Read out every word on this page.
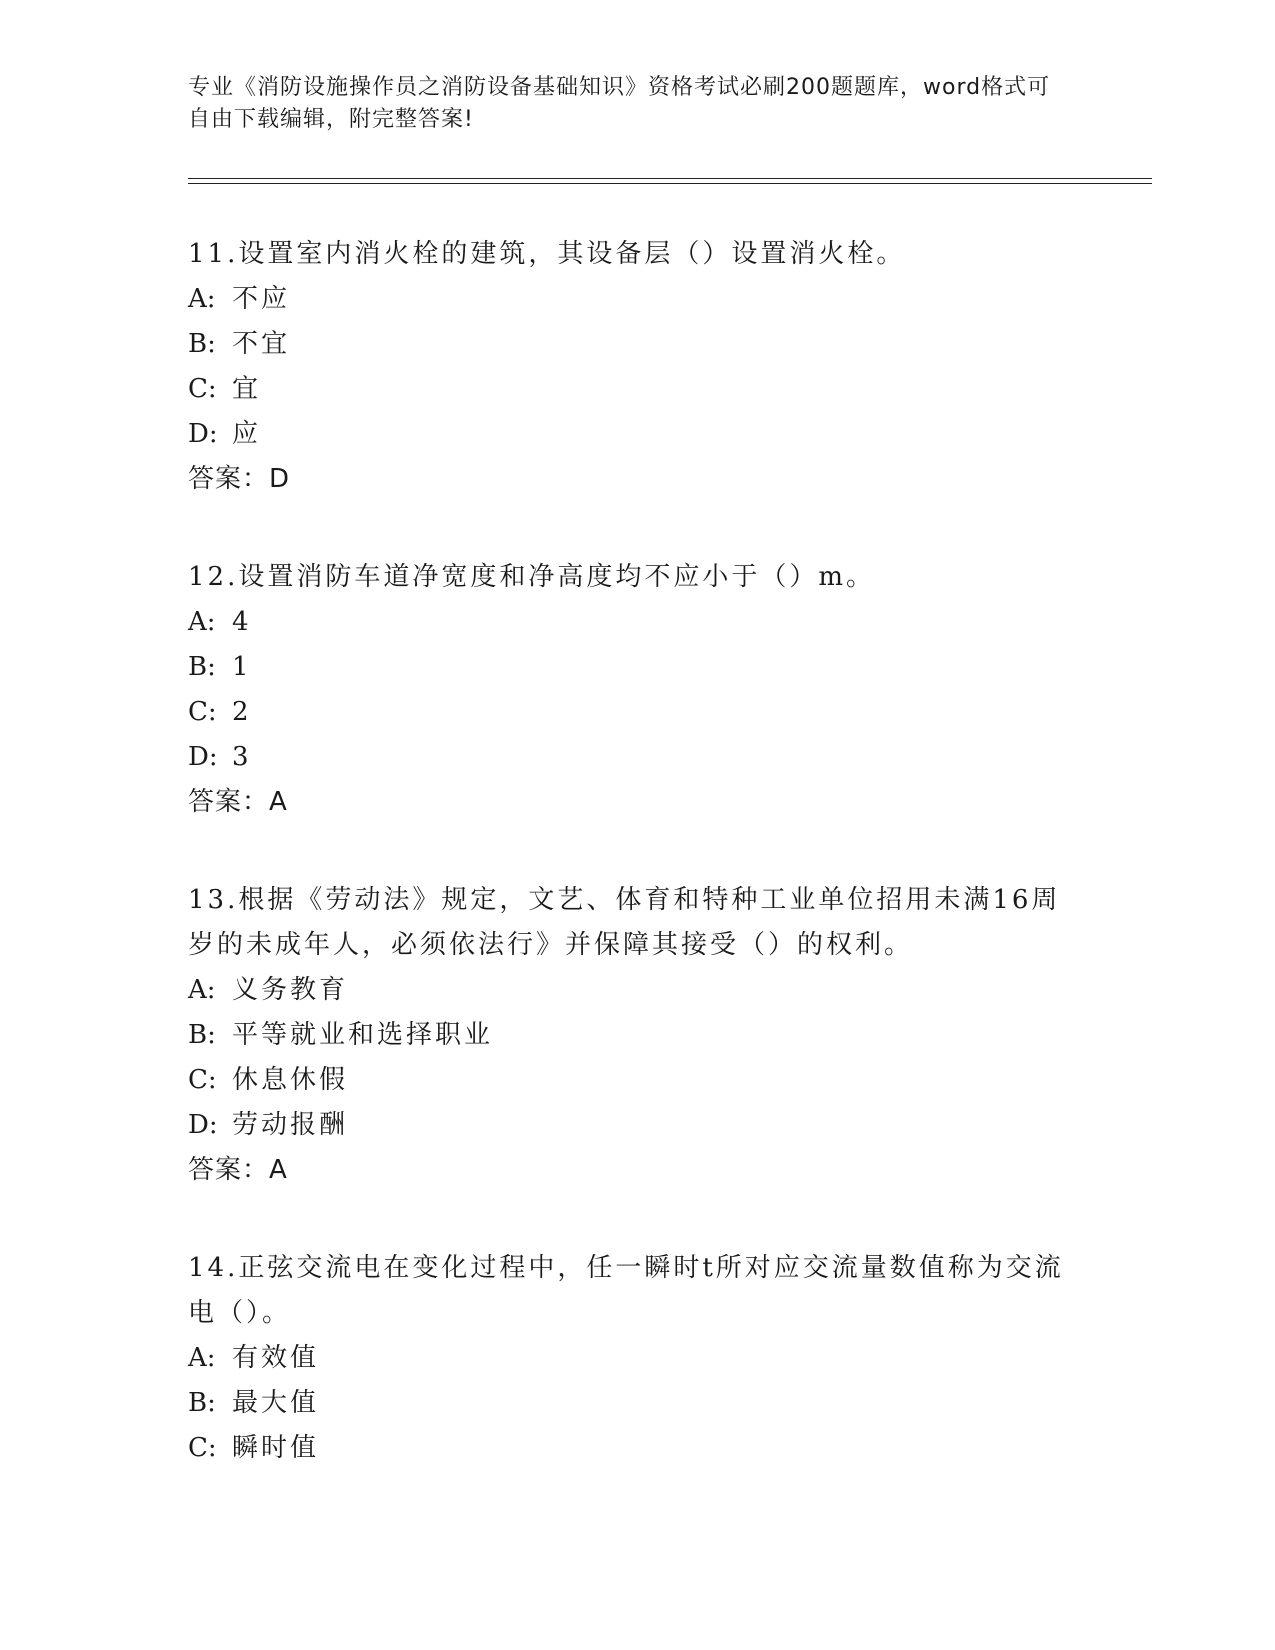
专业《消防设施操作员之消防设备基础知识》资格考试必刷200题题库，word格式可自由下载编辑，附完整答案!

11.设置室内消火栓的建筑，其设备层（）设置消火栓。

A: 不应

B: 不宜

C: 宜

D: 应

答案：D

12.设置消防车道净宽度和净高度均不应小于（）m。

A: 4

B: 1

C: 2

D: 3

答案：A

13.根据《劳动法》规定，文艺、体育和特种工业单位招用未满16周岁的未成年人，必须依法行》并保障其接受（）的权利。

A: 义务教育

B: 平等就业和选择职业

C: 休息休假

D: 劳动报酬

答案：A

14.正弦交流电在变化过程中，任一瞬时t所对应交流量数值称为交流电（）。

A: 有效值

B: 最大值

C: 瞬时值
